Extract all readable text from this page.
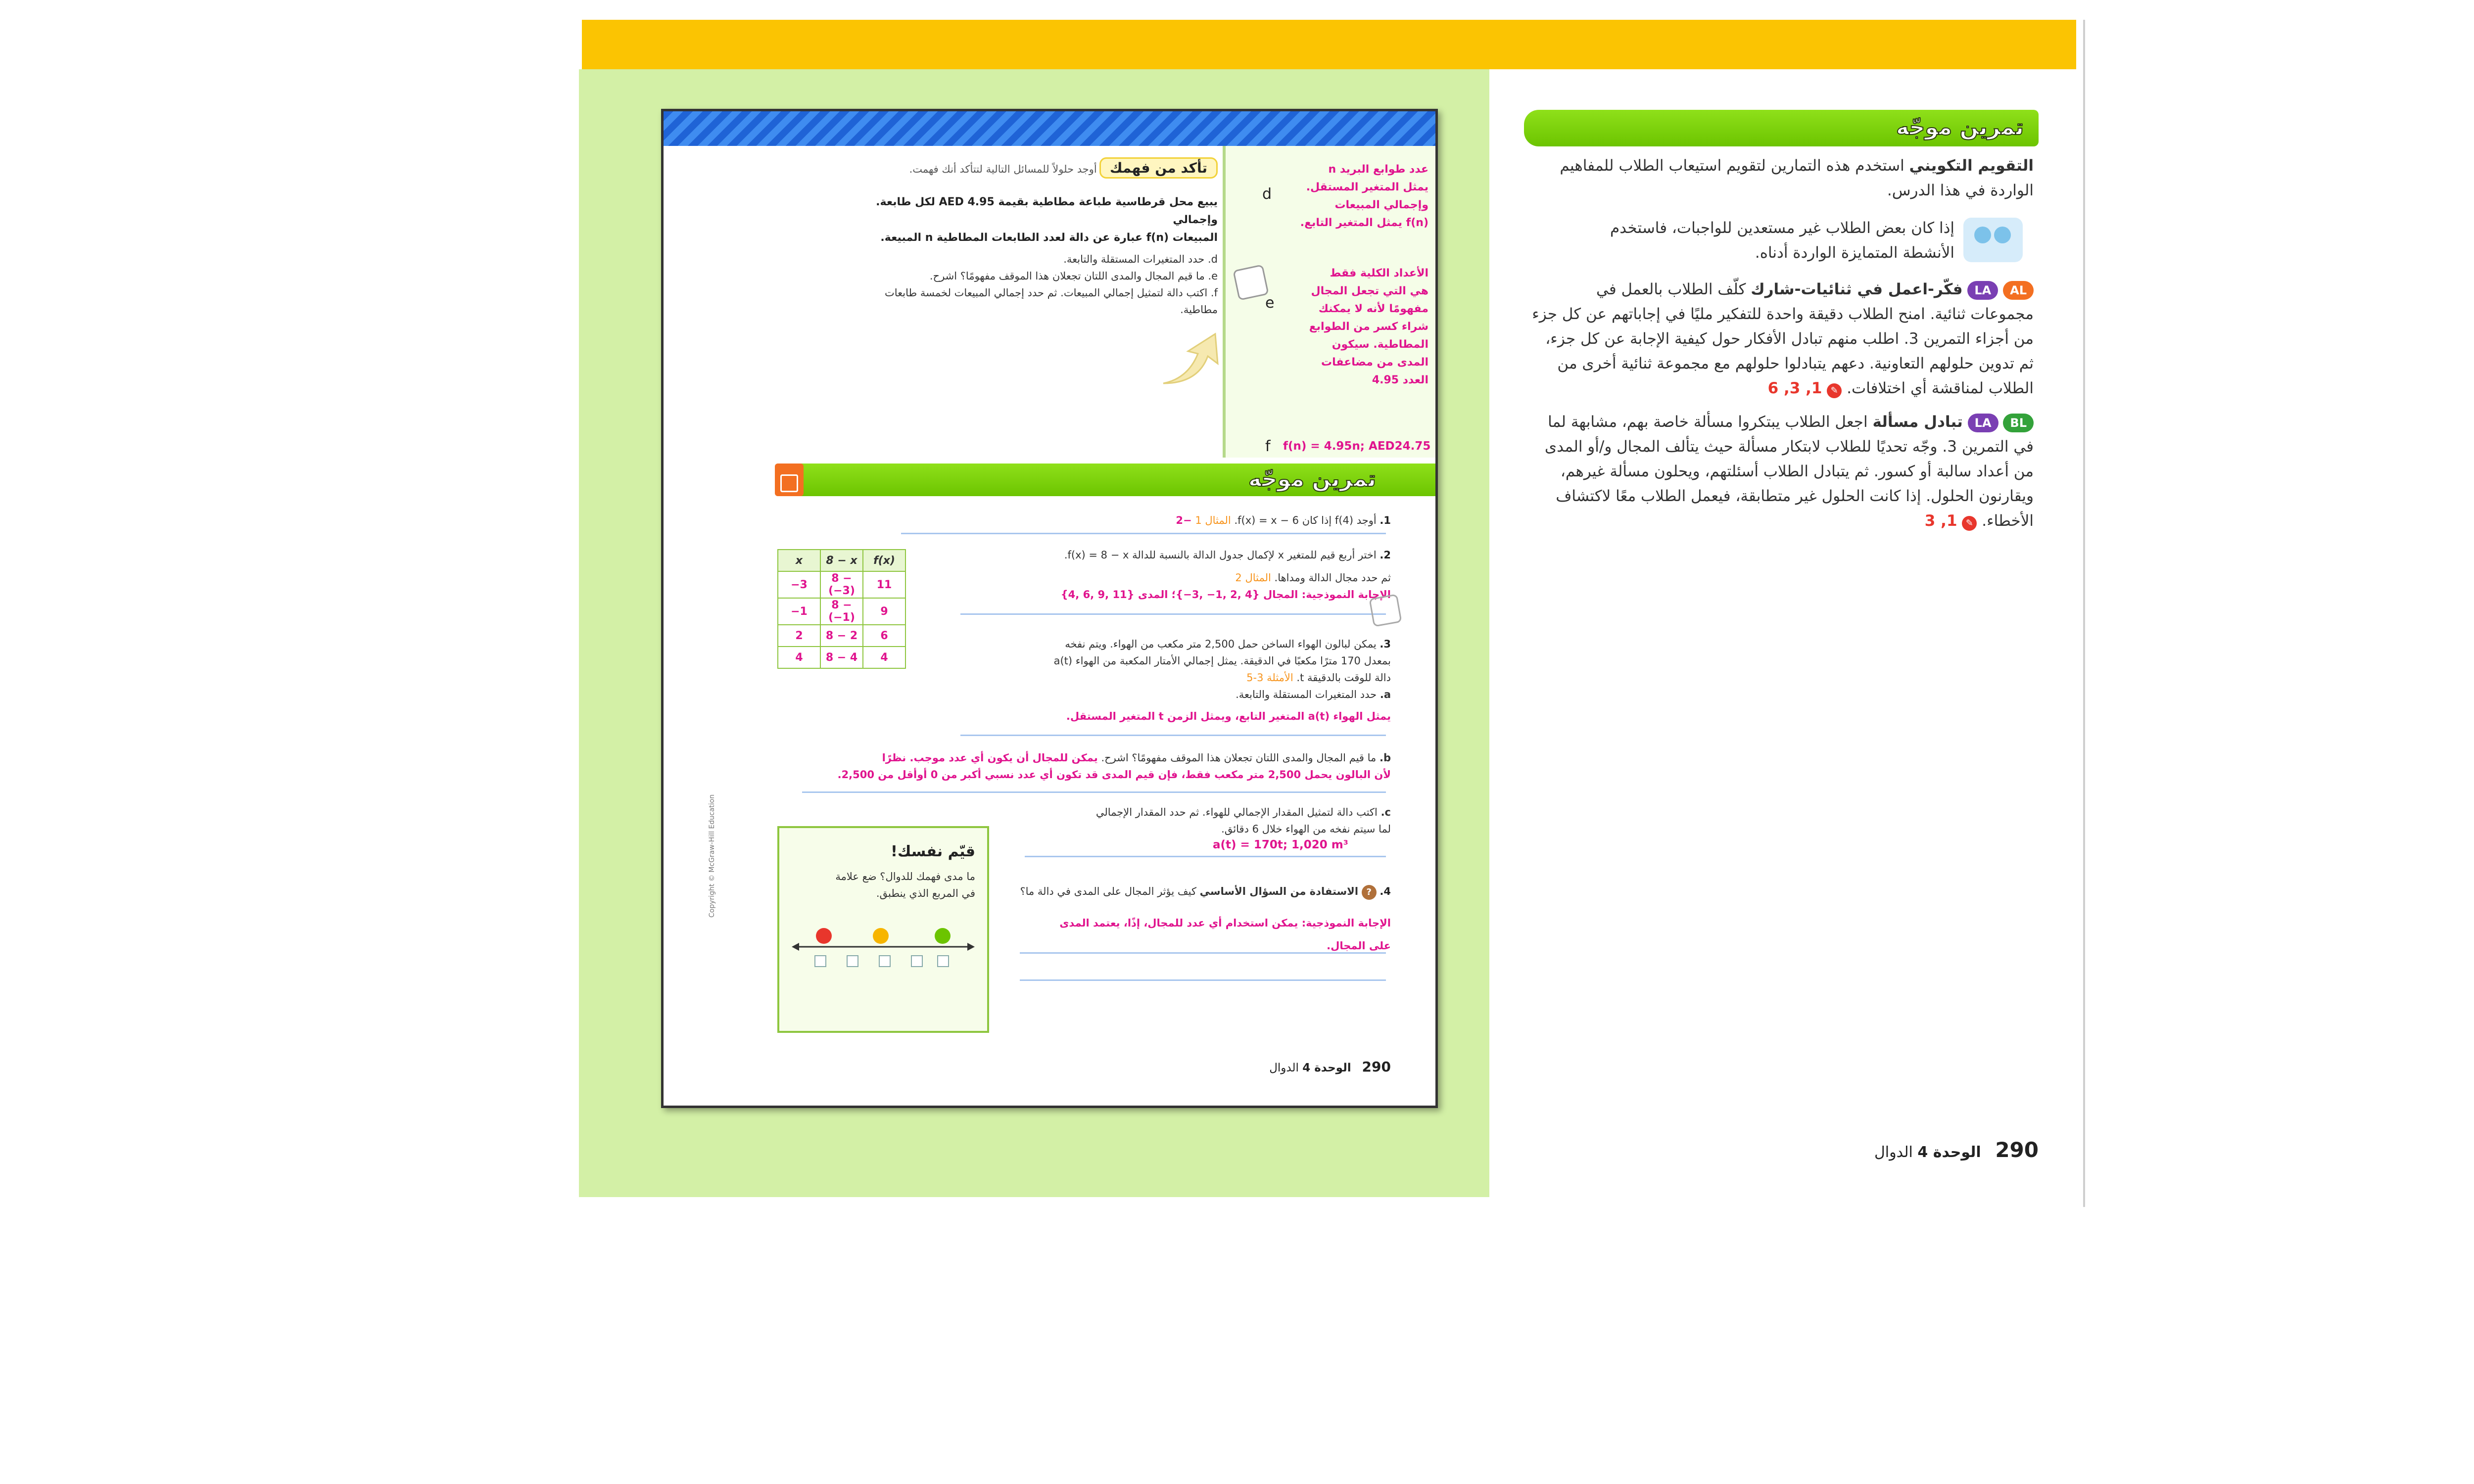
عدد طوابع البريد n
يمثل المتغير المستقل.
وإجمالي المبيعات
(f(n يمثل المتغير التابع.
d
الأعداد الكلية فقط
هي التي تجعل المجال
مفهومًا لأنه لا يمكنك
شراء كسر من الطوابع
المطاطية. سيكون
المدى من مضاعفات
العدد 4.95
e
f f(n) = 4.95n; AED24.75
تأكد من فهمك أوجد حلولاً للمسائل التالية لتتأكد أنك فهمت.
يبيع محل قرطاسية طباعة مطاطية بقيمة AED 4.95 لكل طابعة. وإجمالي
المبيعات (f(n عبارة عن دالة لعدد الطابعات المطاطية n المبيعة.
d. حدد المتغيرات المستقلة والتابعة.
e. ما قيم المجال والمدى اللتان تجعلان هذا الموقف مفهومًا؟ اشرح.
f. اكتب دالة لتمثيل إجمالي المبيعات. ثم حدد إجمالي المبيعات لخمسة طابعات مطاطية.
تمرين موجّه
1. أوجد (f(4 إذا كان f(x) = x − 6. المثال 1 −2
2. اختر أربع قيم للمتغير x لإكمال جدول الدالة بالنسبة للدالة f(x) = 8 − x.
ثم حدد مجال الدالة ومداها. المثال 2
الإجابة النموذجية: المجال {4 ,2 ,1− ,3−}؛ المدى {11 ,9 ,6 ,4}
x	8 − x	f(x)
−3	8 − (−3)	11
−1	8 − (−1)	9
2	8 − 2	6
4	8 − 4	4
3. يمكن لبالون الهواء الساخن حمل 2,500 متر مكعب من الهواء. ويتم نفخه
بمعدل 170 مترًا مكعبًا في الدقيقة. يمثل إجمالي الأمتار المكعبة من الهواء (a(t
دالة للوقت بالدقيقة t. الأمثلة 3-5
a. حدد المتغيرات المستقلة والتابعة.
يمثل الهواء (a(t المتغير التابع، ويمثل الزمن t المتغير المستقل.
b. ما قيم المجال والمدى اللتان تجعلان هذا الموقف مفهومًا؟ اشرح. يمكن للمجال أن يكون أي عدد موجب. نظرًا
لأن البالون يحمل 2,500 متر مكعب فقط، فإن قيم المدى قد تكون أي عدد نسبي أكبر من 0 أوأقل من 2,500.
c. اكتب دالة لتمثيل المقدار الإجمالي للهواء. ثم حدد المقدار الإجمالي
لما سيتم نفخه من الهواء خلال 6 دقائق.
a(t) = 170t; 1,020 m³
4. ? الاستفادة من السؤال الأساسي كيف يؤثر المجال على المدى في دالة ما؟
الإجابة النموذجية: يمكن استخدام أي عدد للمجال، إذًا، يعتمد المدى
على المجال.
قيّم نفسك!
ما مدى فهمك للدوال؟ ضع علامة
في المربع الذي ينطبق.
Copyright © McGraw-Hill Education
290   الوحدة 4 الدوال
تمرين موجّه
التقويم التكويني استخدم هذه التمارين لتقويم استيعاب الطلاب للمفاهيم الواردة في هذا الدرس.
إذا كان بعض الطلاب غير مستعدين للواجبات، فاستخدم
الأنشطة المتمايزة الواردة أدناه.
AL LA فكّر-اعمل في ثنائيات-شارك كلّف الطلاب بالعمل في مجموعات ثنائية. امنح الطلاب دقيقة واحدة للتفكير مليًا في إجاباتهم عن كل جزء من أجزاء التمرين 3. اطلب منهم تبادل الأفكار حول كيفية الإجابة عن كل جزء، ثم تدوين حلولهم التعاونية. دعهم يتبادلوا حلولهم مع مجموعة ثنائية أخرى من الطلاب لمناقشة أي اختلافات. ✎ 1, 3, 6
BL LA تبادل مسألة اجعل الطلاب يبتكروا مسألة خاصة بهم، مشابهة لما في التمرين 3. وجّه تحديًا للطلاب لابتكار مسألة حيث يتألف المجال و/أو المدى من أعداد سالبة أو كسور. ثم يتبادل الطلاب أسئلتهم، ويحلون مسألة غيرهم، ويقارنون الحلول. إذا كانت الحلول غير متطابقة، فيعمل الطلاب معًا لاكتشاف الأخطاء. ✎ 1, 3
290   الوحدة 4 الدوال
